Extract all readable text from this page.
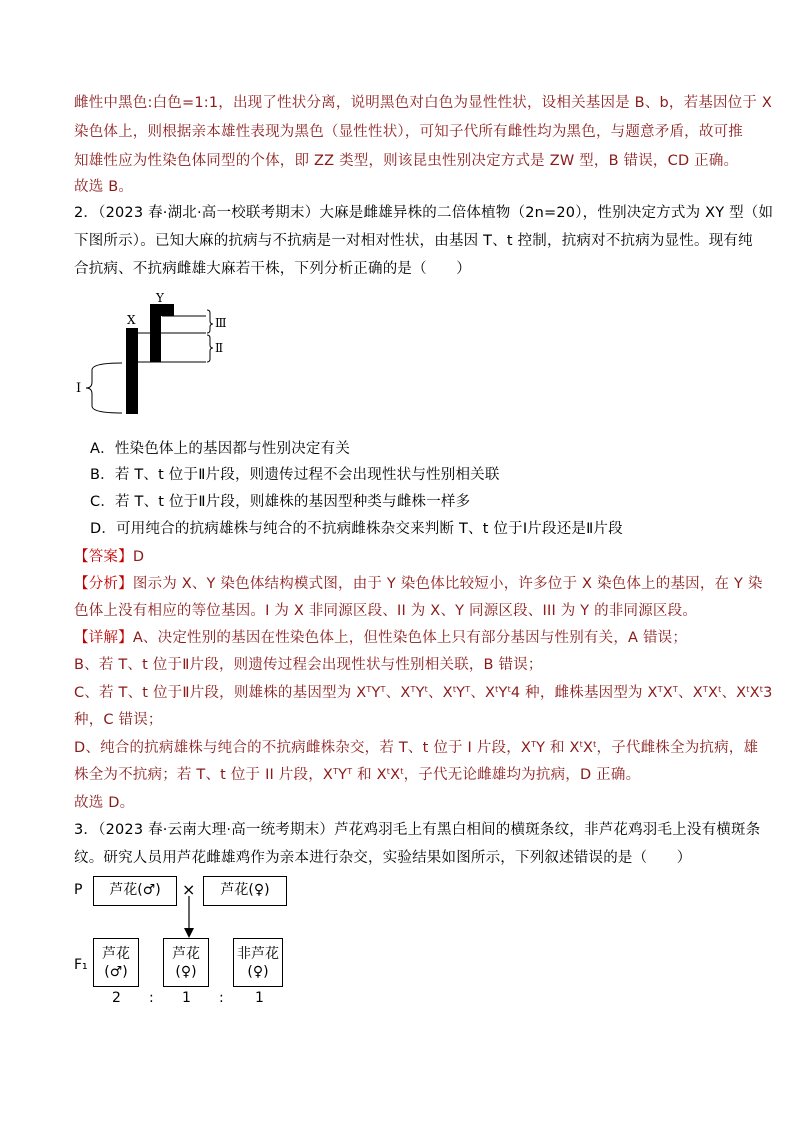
雌性中黑色:白色=1:1，出现了性状分离，说明黑色对白色为显性性状，设相关基因是 B、b，若基因位于 X
染色体上，则根据亲本雄性表现为黑色（显性性状），可知子代所有雌性均为黑色，与题意矛盾，故可推
知雄性应为性染色体同型的个体，即 ZZ 类型，则该昆虫性别决定方式是 ZW 型，B 错误，CD 正确。
故选 B。
2．（2023 春·湖北·高一校联考期末）大麻是雌雄异株的二倍体植物（2n=20），性别决定方式为 XY 型（如
下图所示）。已知大麻的抗病与不抗病是一对相对性状，由基因 T、t 控制，抗病对不抗病为显性。现有纯
合抗病、不抗病雌雄大麻若干株，下列分析正确的是（　　）
X
Y
Ⅲ
Ⅱ
Ⅰ
A．性染色体上的基因都与性别决定有关
B．若 T、t 位于Ⅱ片段，则遗传过程不会出现性状与性别相关联
C．若 T、t 位于Ⅱ片段，则雄株的基因型种类与雌株一样多
D．可用纯合的抗病雄株与纯合的不抗病雌株杂交来判断 T、t 位于Ⅰ片段还是Ⅱ片段
【答案】D
【分析】图示为 X、Y 染色体结构模式图，由于 Y 染色体比较短小，许多位于 X 染色体上的基因，在 Y 染
色体上没有相应的等位基因。I 为 X 非同源区段、II 为 X、Y 同源区段、III 为 Y 的非同源区段。
【详解】A、决定性别的基因在性染色体上，但性染色体上只有部分基因与性别有关，A 错误；
B、若 T、t 位于Ⅱ片段，则遗传过程会出现性状与性别相关联，B 错误；
C、若 T、t 位于Ⅱ片段，则雄株的基因型为 $X^TY^T$、$X^TY^t$、$X^tY^T$、$X^tY^t4$ 种，雌株基因型为 $X^TX^T$、$X^TX^t$、$X^tX^t3$
种，C 错误；
D、纯合的抗病雄株与纯合的不抗病雌株杂交，若 T、t 位于 I 片段，$X^TY$ 和 $X^tX^t$，子代雌株全为抗病，雄
株全为不抗病；若 T、t 位于 II 片段，$X^TY^T$ 和 $X^tX^t$，子代无论雌雄均为抗病，D 正确。
故选 D。
3．（2023 春·云南大理·高一统考期末）芦花鸡羽毛上有黑白相间的横斑条纹，非芦花鸡羽毛上没有横斑条
纹。研究人员用芦花雌雄鸡作为亲本进行杂交，实验结果如图所示，下列叙述错误的是（　　）
P	芦花(♂)	×	芦花(♀)
F₁
芦花
(♂)
芦花
(♀)
非芦花
(♀)
2 : 1 : 1
